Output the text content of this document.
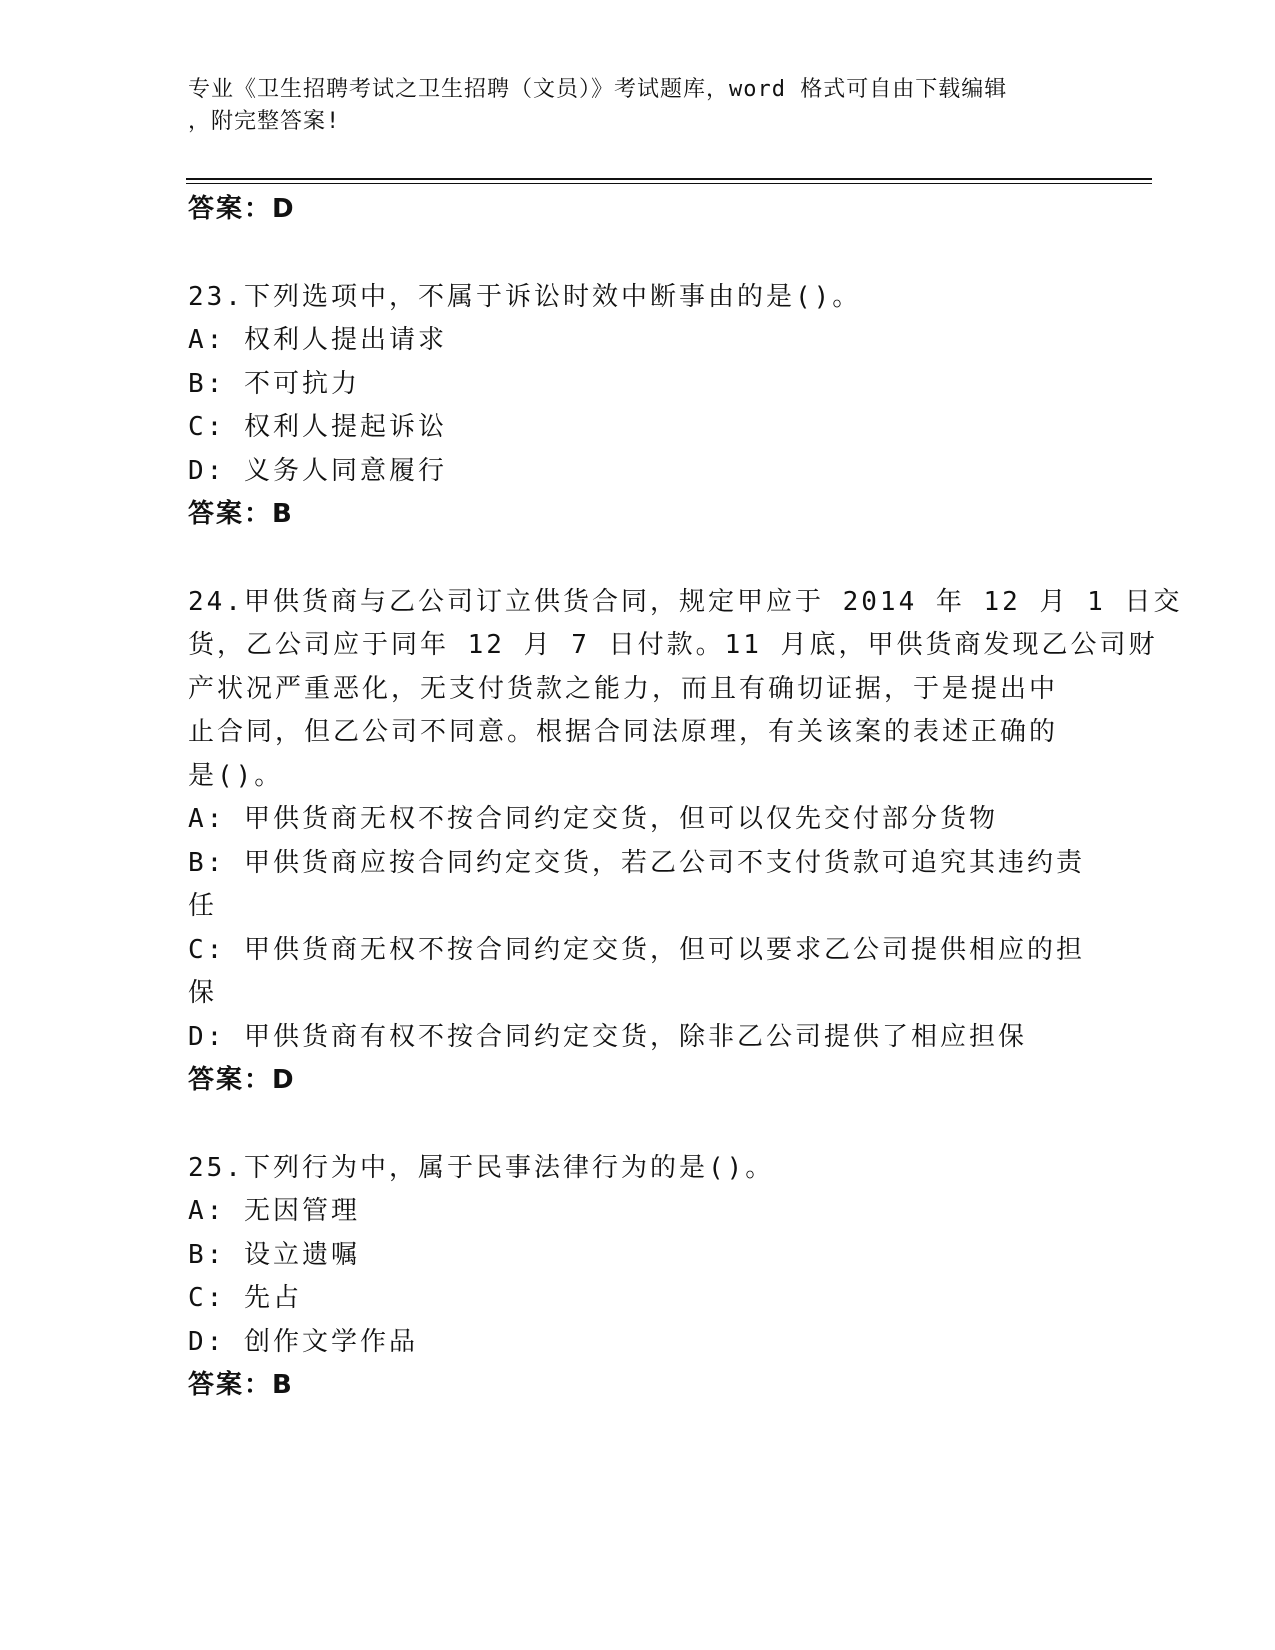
专业《卫生招聘考试之卫生招聘（文员）》考试题库，word 格式可自由下载编辑
，附完整答案!
答案：D
23.下列选项中，不属于诉讼时效中断事由的是()。
A: 权利人提出请求
B: 不可抗力
C: 权利人提起诉讼
D: 义务人同意履行
答案：B
24.甲供货商与乙公司订立供货合同，规定甲应于 2014 年 12 月 1 日交
货，乙公司应于同年 12 月 7 日付款。11 月底，甲供货商发现乙公司财
产状况严重恶化，无支付货款之能力，而且有确切证据，于是提出中
止合同，但乙公司不同意。根据合同法原理，有关该案的表述正确的
是()。
A: 甲供货商无权不按合同约定交货，但可以仅先交付部分货物
B: 甲供货商应按合同约定交货，若乙公司不支付货款可追究其违约责
任
C: 甲供货商无权不按合同约定交货，但可以要求乙公司提供相应的担
保
D: 甲供货商有权不按合同约定交货，除非乙公司提供了相应担保
答案：D
25.下列行为中，属于民事法律行为的是()。
A: 无因管理
B: 设立遗嘱
C: 先占
D: 创作文学作品
答案：B
